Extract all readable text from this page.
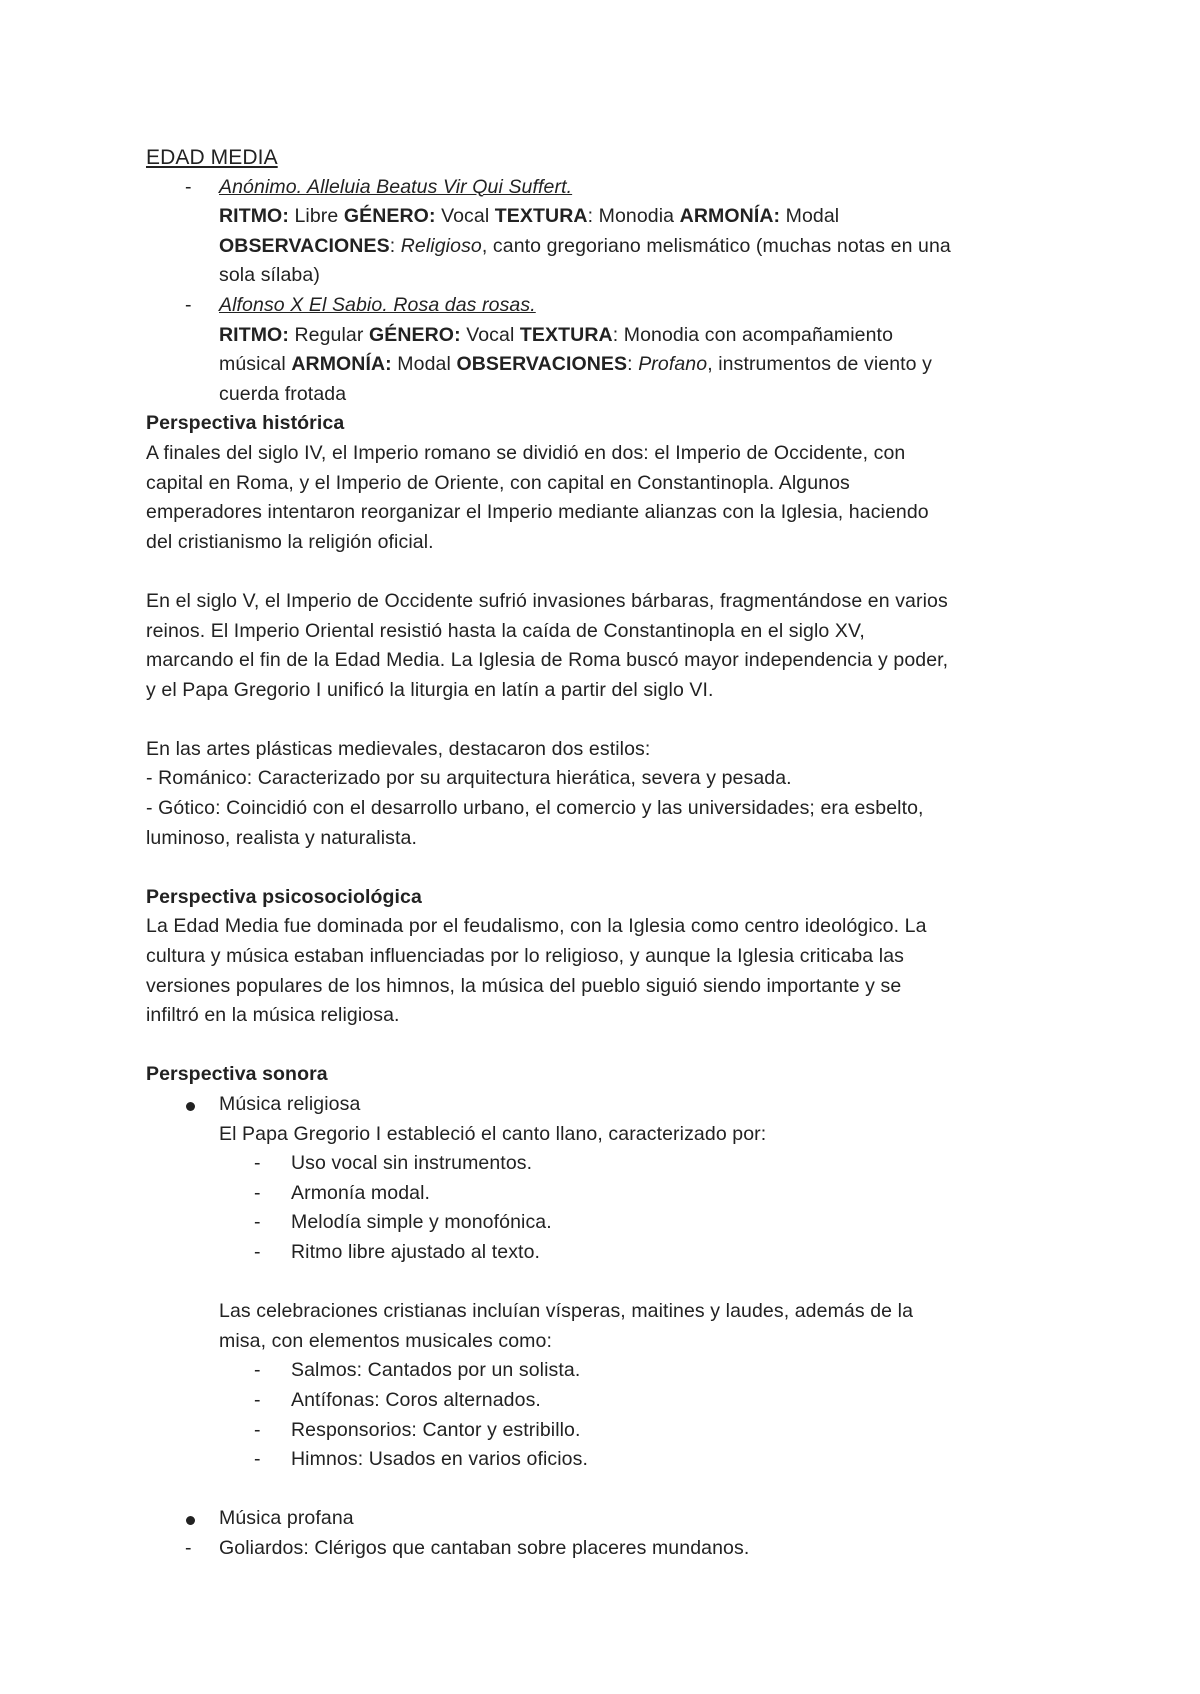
EDAD MEDIA
- Anónimo. Alleluia Beatus Vir Qui Suffert.
RITMO: Libre GÉNERO: Vocal TEXTURA: Monodia ARMONÍA: Modal
OBSERVACIONES: Religioso, canto gregoriano melismático (muchas notas en una
sola sílaba)
- Alfonso X El Sabio. Rosa das rosas.
RITMO: Regular GÉNERO: Vocal TEXTURA: Monodia con acompañamiento
músical ARMONÍA: Modal OBSERVACIONES: Profano, instrumentos de viento y
cuerda frotada
Perspectiva histórica
A finales del siglo IV, el Imperio romano se dividió en dos: el Imperio de Occidente, con
capital en Roma, y el Imperio de Oriente, con capital en Constantinopla. Algunos
emperadores intentaron reorganizar el Imperio mediante alianzas con la Iglesia, haciendo
del cristianismo la religión oficial.
En el siglo V, el Imperio de Occidente sufrió invasiones bárbaras, fragmentándose en varios
reinos. El Imperio Oriental resistió hasta la caída de Constantinopla en el siglo XV,
marcando el fin de la Edad Media. La Iglesia de Roma buscó mayor independencia y poder,
y el Papa Gregorio I unificó la liturgia en latín a partir del siglo VI.
En las artes plásticas medievales, destacaron dos estilos:
- Románico: Caracterizado por su arquitectura hierática, severa y pesada.
- Gótico: Coincidió con el desarrollo urbano, el comercio y las universidades; era esbelto,
luminoso, realista y naturalista.
Perspectiva psicosociológica
La Edad Media fue dominada por el feudalismo, con la Iglesia como centro ideológico. La
cultura y música estaban influenciadas por lo religioso, y aunque la Iglesia criticaba las
versiones populares de los himnos, la música del pueblo siguió siendo importante y se
infiltró en la música religiosa.
Perspectiva sonora
Música religiosa
El Papa Gregorio I estableció el canto llano, caracterizado por:
- Uso vocal sin instrumentos.
- Armonía modal.
- Melodía simple y monofónica.
- Ritmo libre ajustado al texto.
Las celebraciones cristianas incluían vísperas, maitines y laudes, además de la
misa, con elementos musicales como:
- Salmos: Cantados por un solista.
- Antífonas: Coros alternados.
- Responsorios: Cantor y estribillo.
- Himnos: Usados en varios oficios.
Música profana
- Goliardos: Clérigos que cantaban sobre placeres mundanos.
